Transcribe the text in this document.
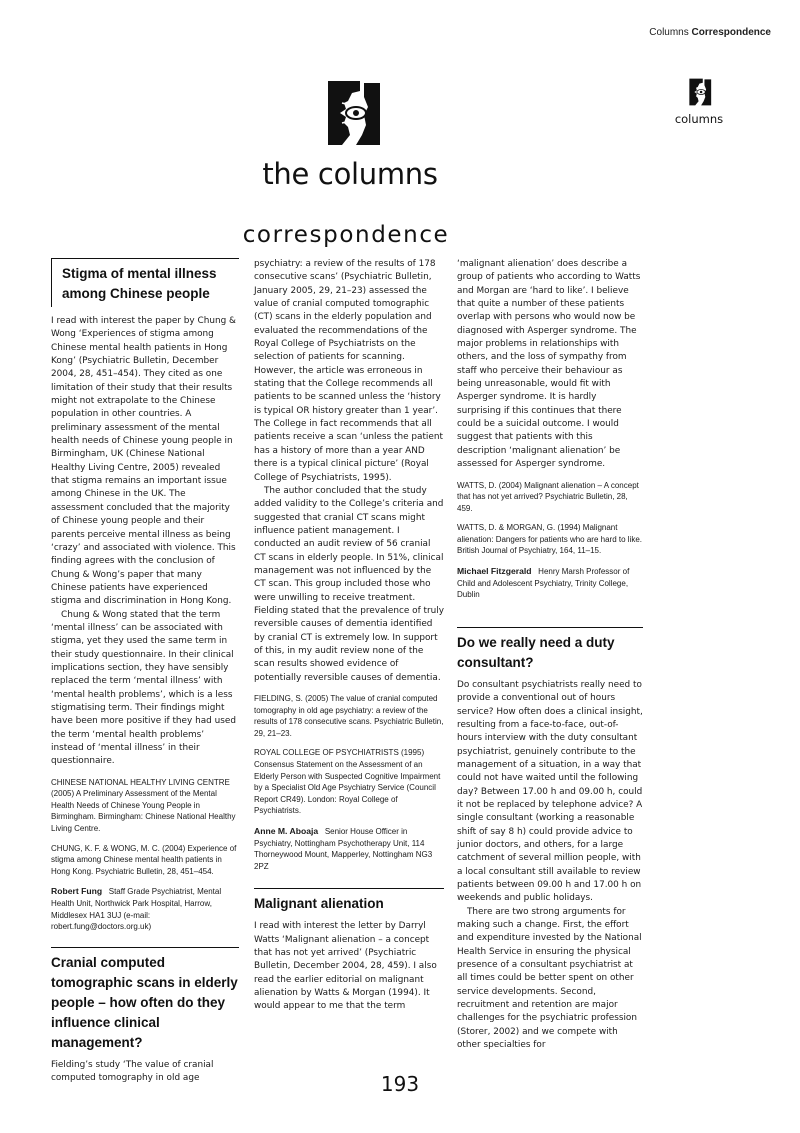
Columns Correspondence
columns
the columns
correspondence
Stigma of mental illness among Chinese people

I read with interest the paper by Chung & Wong ‘Experiences of stigma among Chinese mental health patients in Hong Kong’ (Psychiatric Bulletin, December 2004, 28, 451–454). They cited as one limitation of their study that their results might not extrapolate to the Chinese population in other countries. A preliminary assessment of the mental health needs of Chinese young people in Birmingham, UK (Chinese National Healthy Living Centre, 2005) revealed that stigma remains an important issue among Chinese in the UK. The assessment concluded that the majority of Chinese young people and their parents perceive mental illness as being ‘crazy’ and associated with violence. This finding agrees with the conclusion of Chung & Wong’s paper that many Chinese patients have experienced stigma and discrimination in Hong Kong.

Chung & Wong stated that the term ‘mental illness’ can be associated with stigma, yet they used the same term in their study questionnaire. In their clinical implications section, they have sensibly replaced the term ‘mental illness’ with ‘mental health problems’, which is a less stigmatising term. Their findings might have been more positive if they had used the term ‘mental health problems’ instead of ‘mental illness’ in their questionnaire.

CHINESE NATIONAL HEALTHY LIVING CENTRE (2005) A Preliminary Assessment of the Mental Health Needs of Chinese Young People in Birmingham. Birmingham: Chinese National Healthy Living Centre.

CHUNG, K. F. & WONG, M. C. (2004) Experience of stigma among Chinese mental health patients in Hong Kong. Psychiatric Bulletin, 28, 451–454.

Robert Fung Staff Grade Psychiatrist, Mental Health Unit, Northwick Park Hospital, Harrow, Middlesex HA1 3UJ (e-mail: robert.fung@doctors.org.uk)

Cranial computed tomographic scans in elderly people – how often do they influence clinical management?

Fielding’s study ‘The value of cranial computed tomography in old age

psychiatry: a review of the results of 178 consecutive scans’ (Psychiatric Bulletin, January 2005, 29, 21–23) assessed the value of cranial computed tomographic (CT) scans in the elderly population and evaluated the recommendations of the Royal College of Psychiatrists on the selection of patients for scanning. However, the article was erroneous in stating that the College recommends all patients to be scanned unless the ‘history is typical OR history greater than 1 year’. The College in fact recommends that all patients receive a scan ‘unless the patient has a history of more than a year AND there is a typical clinical picture’ (Royal College of Psychiatrists, 1995).

The author concluded that the study added validity to the College’s criteria and suggested that cranial CT scans might influence patient management. I conducted an audit review of 56 cranial CT scans in elderly people. In 51%, clinical management was not influenced by the CT scan. This group included those who were unwilling to receive treatment. Fielding stated that the prevalence of truly reversible causes of dementia identified by cranial CT is extremely low. In support of this, in my audit review none of the scan results showed evidence of potentially reversible causes of dementia.

FIELDING, S. (2005) The value of cranial computed tomography in old age psychiatry: a review of the results of 178 consecutive scans. Psychiatric Bulletin, 29, 21–23.

ROYAL COLLEGE OF PSYCHIATRISTS (1995) Consensus Statement on the Assessment of an Elderly Person with Suspected Cognitive Impairment by a Specialist Old Age Psychiatry Service (Council Report CR49). London: Royal College of Psychiatrists.

Anne M. Aboaja Senior House Officer in Psychiatry, Nottingham Psychotherapy Unit, 114 Thorneywood Mount, Mapperley, Nottingham NG3 2PZ

Malignant alienation

I read with interest the letter by Darryl Watts ‘Malignant alienation – a concept that has not yet arrived’ (Psychiatric Bulletin, December 2004, 28, 459). I also read the earlier editorial on malignant alienation by Watts & Morgan (1994). It would appear to me that the term

‘malignant alienation’ does describe a group of patients who according to Watts and Morgan are ‘hard to like’. I believe that quite a number of these patients overlap with persons who would now be diagnosed with Asperger syndrome. The major problems in relationships with others, and the loss of sympathy from staff who perceive their behaviour as being unreasonable, would fit with Asperger syndrome. It is hardly surprising if this continues that there could be a suicidal outcome. I would suggest that patients with this description ‘malignant alienation’ be assessed for Asperger syndrome.

WATTS, D. (2004) Malignant alienation – A concept that has not yet arrived? Psychiatric Bulletin, 28, 459.

WATTS, D. & MORGAN, G. (1994) Malignant alienation: Dangers for patients who are hard to like. British Journal of Psychiatry, 164, 11–15.

Michael Fitzgerald Henry Marsh Professor of Child and Adolescent Psychiatry, Trinity College, Dublin

Do we really need a duty consultant?

Do consultant psychiatrists really need to provide a conventional out of hours service? How often does a clinical insight, resulting from a face-to-face, out-of-hours interview with the duty consultant psychiatrist, genuinely contribute to the management of a situation, in a way that could not have waited until the following day? Between 17.00 h and 09.00 h, could it not be replaced by telephone advice? A single consultant (working a reasonable shift of say 8 h) could provide advice to junior doctors, and others, for a large catchment of several million people, with a local consultant still available to review patients between 09.00 h and 17.00 h on weekends and public holidays.

There are two strong arguments for making such a change. First, the effort and expenditure invested by the National Health Service in ensuring the physical presence of a consultant psychiatrist at all times could be better spent on other service developments. Second, recruitment and retention are major challenges for the psychiatric profession (Storer, 2002) and we compete with other specialties for

193
